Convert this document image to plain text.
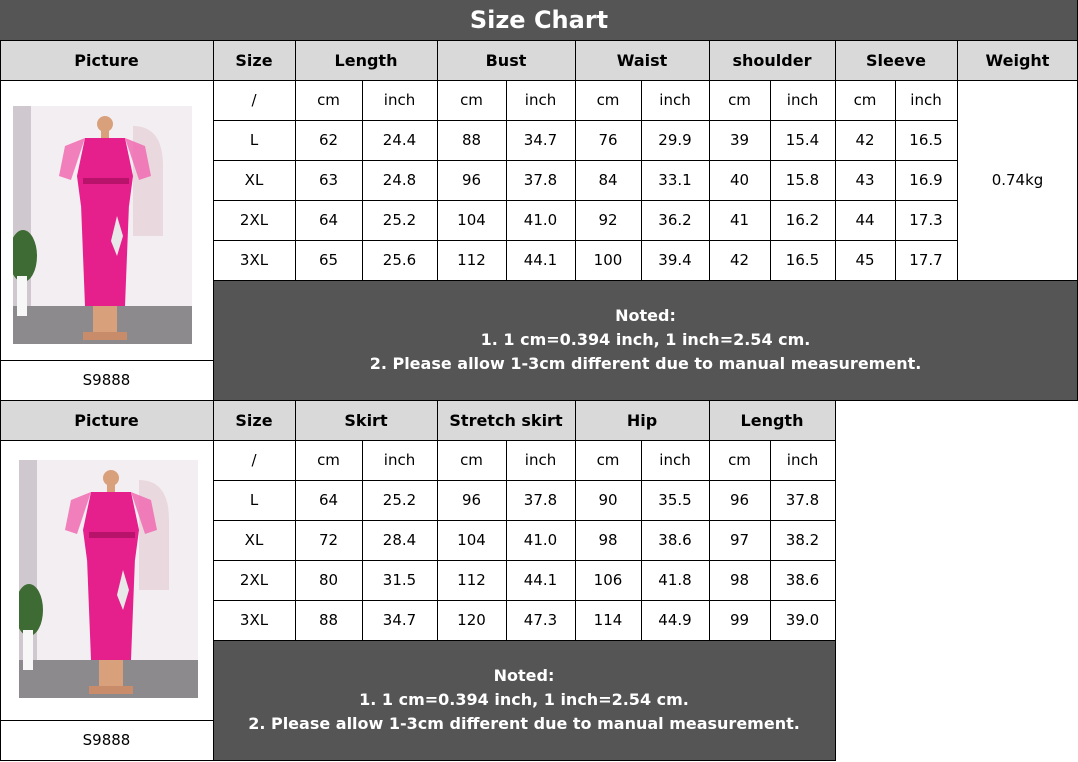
Size Chart
Picture	Size	Length	Bust	Waist	shoulder	Sleeve	Weight
/	cm	inch	cm	inch	cm	inch	cm	inch	cm	inch
L	62	24.4	88	34.7	76	29.9	39	15.4	42	16.5
XL	63	24.8	96	37.8	84	33.1	40	15.8	43	16.9
2XL	64	25.2	104	41.0	92	36.2	41	16.2	44	17.3
3XL	65	25.6	112	44.1	100	39.4	42	16.5	45	17.7
0.74kg
Noted:
1. 1 cm=0.394 inch, 1 inch=2.54 cm.
2. Please allow 1-3cm different due to manual measurement.
S9888
Picture	Size	Skirt	Stretch skirt	Hip	Length
/	cm	inch	cm	inch	cm	inch	cm	inch
L	64	25.2	96	37.8	90	35.5	96	37.8
XL	72	28.4	104	41.0	98	38.6	97	38.2
2XL	80	31.5	112	44.1	106	41.8	98	38.6
3XL	88	34.7	120	47.3	114	44.9	99	39.0
Noted:
1. 1 cm=0.394 inch, 1 inch=2.54 cm.
2. Please allow 1-3cm different due to manual measurement.
S9888
